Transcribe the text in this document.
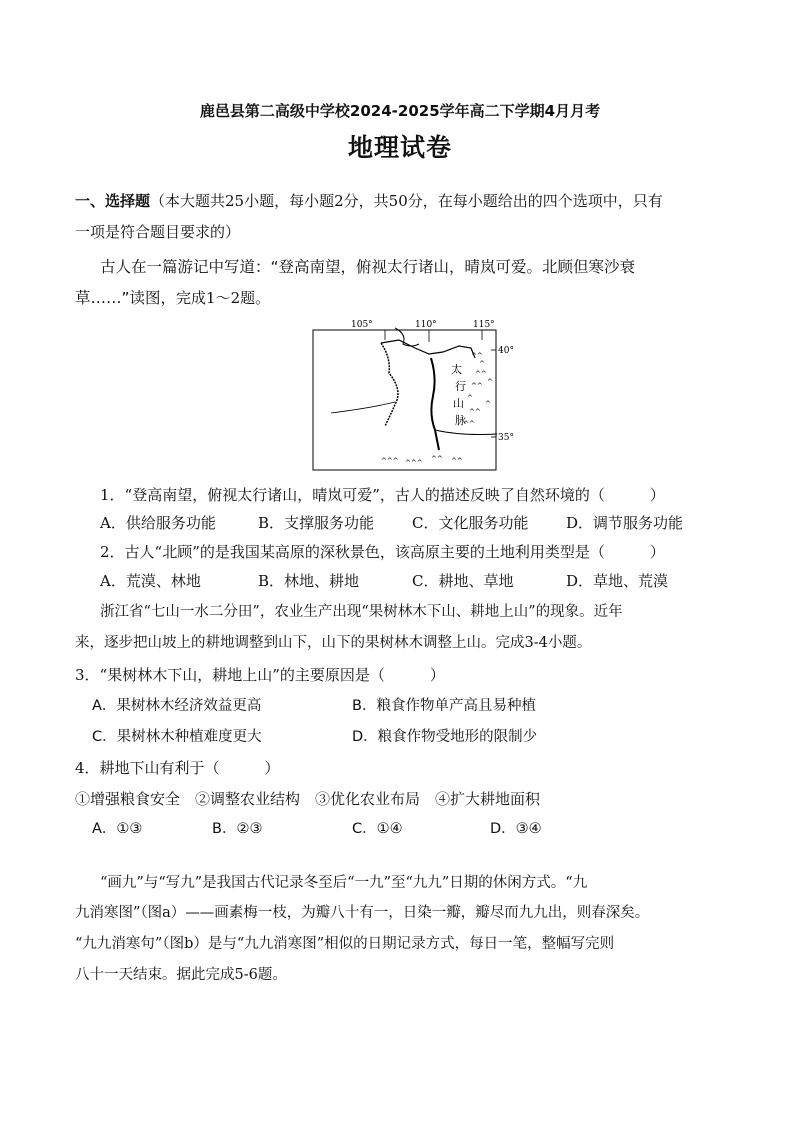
鹿邑县第二高级中学校2024-2025学年高二下学期4月月考
地理试卷
一、选择题（本大题共25小题，每小题2分，共50分，在每小题给出的四个选项中，只有
一项是符合题目要求的）
古人在一篇游记中写道：“登高南望，俯视太行诸山，晴岚可爱。北顾但寒沙衰
草……”读图，完成1～2题。
105°	110°	115°
40°
35°
^^
^
^^
^^
^
^^
^^
^
^
^^^ ^^^ ^^ ^^
太
行
山
脉
1．“登高南望，俯视太行诸山，晴岚可爱”，古人的描述反映了自然环境的（　　　）
A．供给服务功能	B．支撑服务功能	C．文化服务功能	D．调节服务功能
2．古人“北顾”的是我国某高原的深秋景色，该高原主要的土地利用类型是（　　　）
A．荒漠、林地	B．林地、耕地	C．耕地、草地	D．草地、荒漠
浙江省“七山一水二分田”，农业生产出现“果树林木下山、耕地上山”的现象。近年
来，逐步把山坡上的耕地调整到山下，山下的果树林木调整上山。完成3-4小题。
3．“果树林木下山，耕地上山”的主要原因是（　　　）
A．果树林木经济效益更高	B．粮食作物单产高且易种植
C．果树林木种植难度更大	D．粮食作物受地形的限制少
4．耕地下山有利于（　　　）
①增强粮食安全　②调整农业结构　③优化农业布局　④扩大耕地面积
A．①③	B．②③	C．①④	D．③④
“画九”与“写九”是我国古代记录冬至后“一九”至“九九”日期的休闲方式。“九
九消寒图”（图a）——画素梅一枝，为瓣八十有一，日染一瓣，瓣尽而九九出，则春深矣。
“九九消寒句”（图b）是与“九九消寒图”相似的日期记录方式，每日一笔，整幅写完则
八十一天结束。据此完成5-6题。
